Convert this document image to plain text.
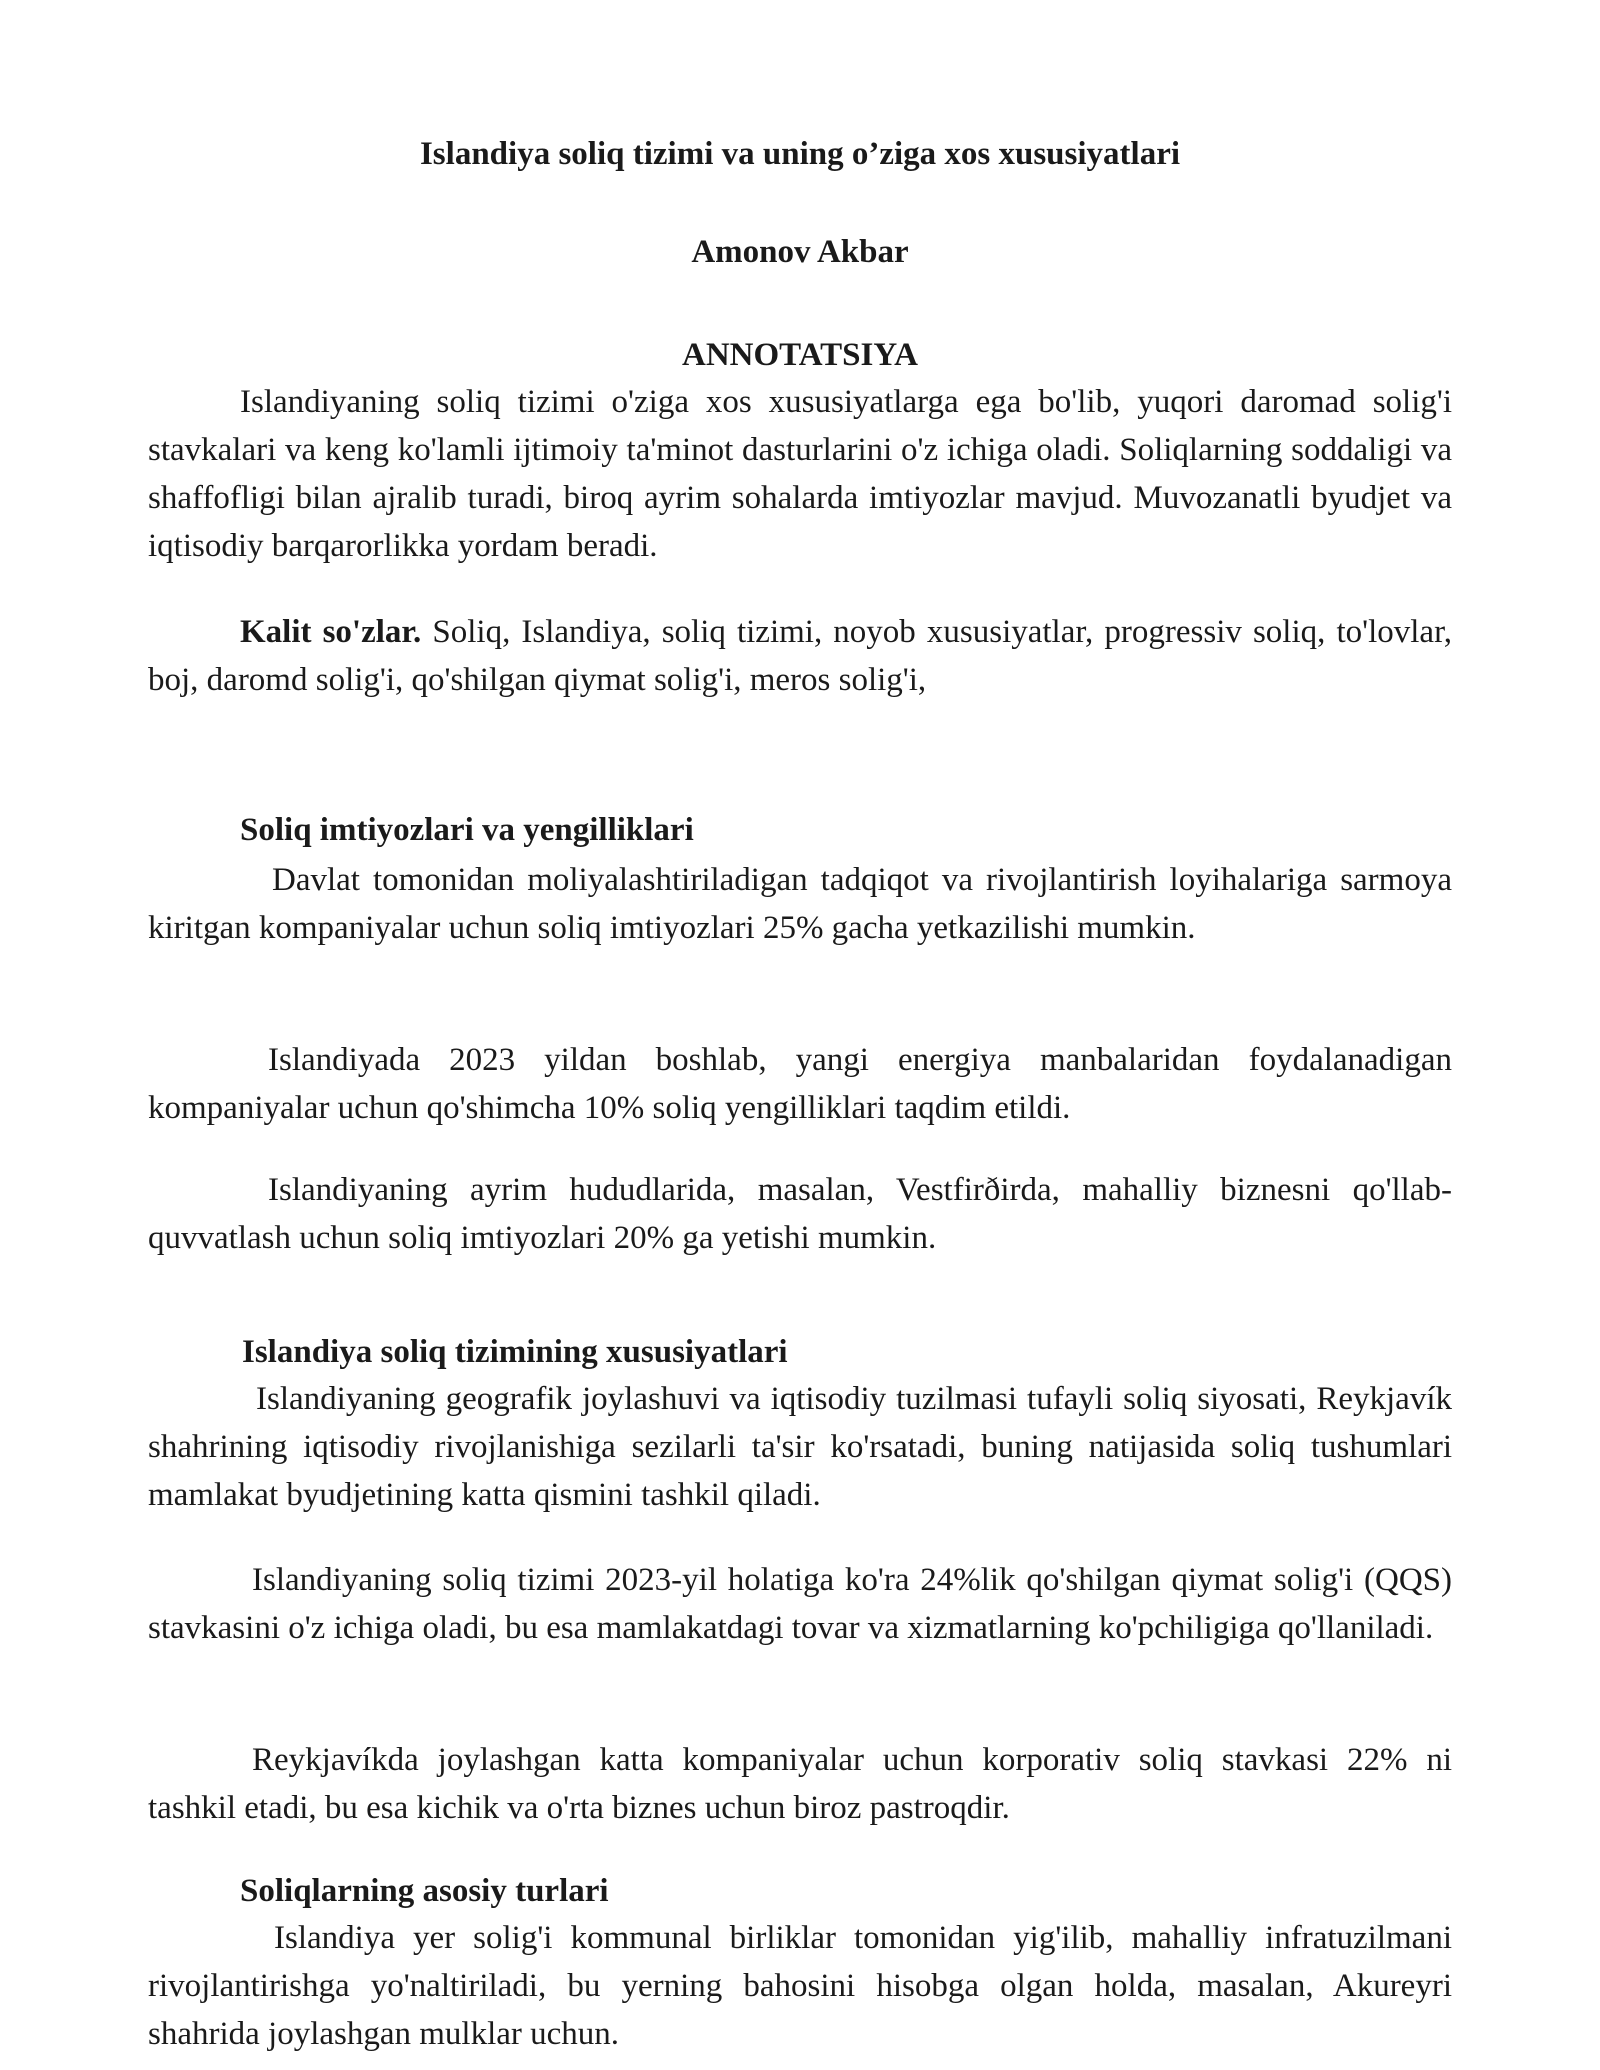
Islandiya soliq tizimi va uning o’ziga xos xususiyatlari

Amonov Akbar

ANNOTATSIYA

Islandiyaning soliq tizimi o'ziga xos xususiyatlarga ega bo'lib, yuqori daromad solig'i stavkalari va keng ko'lamli ijtimoiy ta'minot dasturlarini o'z ichiga oladi. Soliqlarning soddaligi va shaffofligi bilan ajralib turadi, biroq ayrim sohalarda imtiyozlar mavjud. Muvozanatli byudjet va iqtisodiy barqarorlikka yordam beradi.

Kalit so'zlar. Soliq, Islandiya, soliq tizimi, noyob xususiyatlar, progressiv soliq, to'lovlar, boj, daromd solig'i, qo'shilgan qiymat solig'i, meros solig'i,

Soliq imtiyozlari va yengilliklari

Davlat tomonidan moliyalashtiriladigan tadqiqot va rivojlantirish loyihalariga sarmoya kiritgan kompaniyalar uchun soliq imtiyozlari 25% gacha yetkazilishi mumkin.

Islandiyada 2023 yildan boshlab, yangi energiya manbalaridan foydalanadigan kompaniyalar uchun qo'shimcha 10% soliq yengilliklari taqdim etildi.

Islandiyaning ayrim hududlarida, masalan, Vestfirðirda, mahalliy biznesni qo'llab-quvvatlash uchun soliq imtiyozlari 20% ga yetishi mumkin.

Islandiya soliq tizimining xususiyatlari

Islandiyaning geografik joylashuvi va iqtisodiy tuzilmasi tufayli soliq siyosati, Reykjavík shahrining iqtisodiy rivojlanishiga sezilarli ta'sir ko'rsatadi, buning natijasida soliq tushumlari mamlakat byudjetining katta qismini tashkil qiladi.

Islandiyaning soliq tizimi 2023-yil holatiga ko'ra 24%lik qo'shilgan qiymat solig'i (QQS) stavkasini o'z ichiga oladi, bu esa mamlakatdagi tovar va xizmatlarning ko'pchiligiga qo'llaniladi.

Reykjavíkda joylashgan katta kompaniyalar uchun korporativ soliq stavkasi 22% ni tashkil etadi, bu esa kichik va o'rta biznes uchun biroz pastroqdir.

Soliqlarning asosiy turlari

Islandiya yer solig'i kommunal birliklar tomonidan yig'ilib, mahalliy infratuzilmani rivojlantirishga yo'naltiriladi, bu yerning bahosini hisobga olgan holda, masalan, Akureyri shahrida joylashgan mulklar uchun.
